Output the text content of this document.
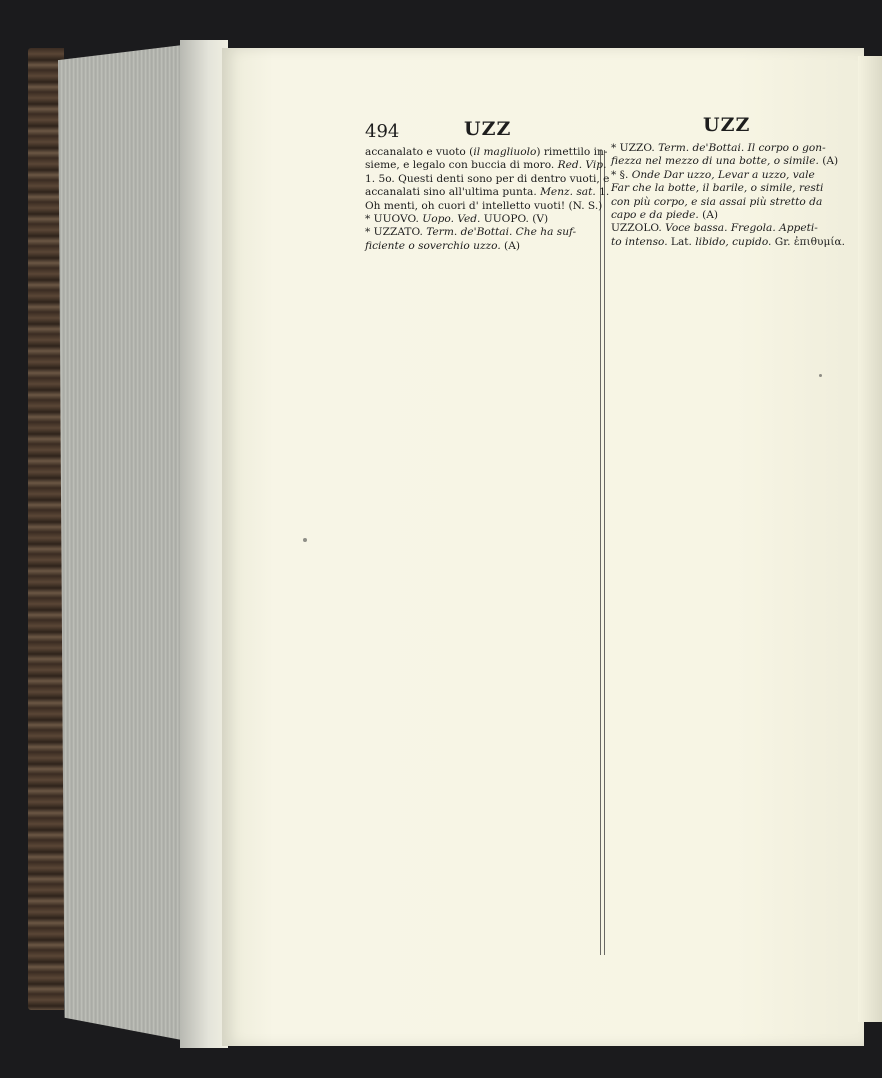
494	UZZ	UZZ
accanalato e vuoto (il magliuolo) rimettilo in-
sieme, e legalo con buccia di moro. Red. Vip.
1. 5o. Questi denti sono per di dentro vuoti, e
accanalati sino all'ultima punta. Menz. sat. 1.
Oh menti, oh cuori d' intelletto vuoti! (N. S.)
* UUOVO. Uopo. Ved. UUOPO. (V)
* UZZATO. Term. de'Bottai. Che ha suf-
ficiente o soverchio uzzo. (A)
* UZZO. Term. de'Bottai. Il corpo o gon-
fiezza nel mezzo di una botte, o simile. (A)
* §. Onde Dar uzzo, Levar a uzzo, vale
Far che la botte, il barile, o simile, resti
con più corpo, e sia assai più stretto da
capo e da piede. (A)
UZZOLO. Voce bassa. Fregola. Appeti-
to intenso. Lat. libido, cupido. Gr. ἐπιθυμία.
